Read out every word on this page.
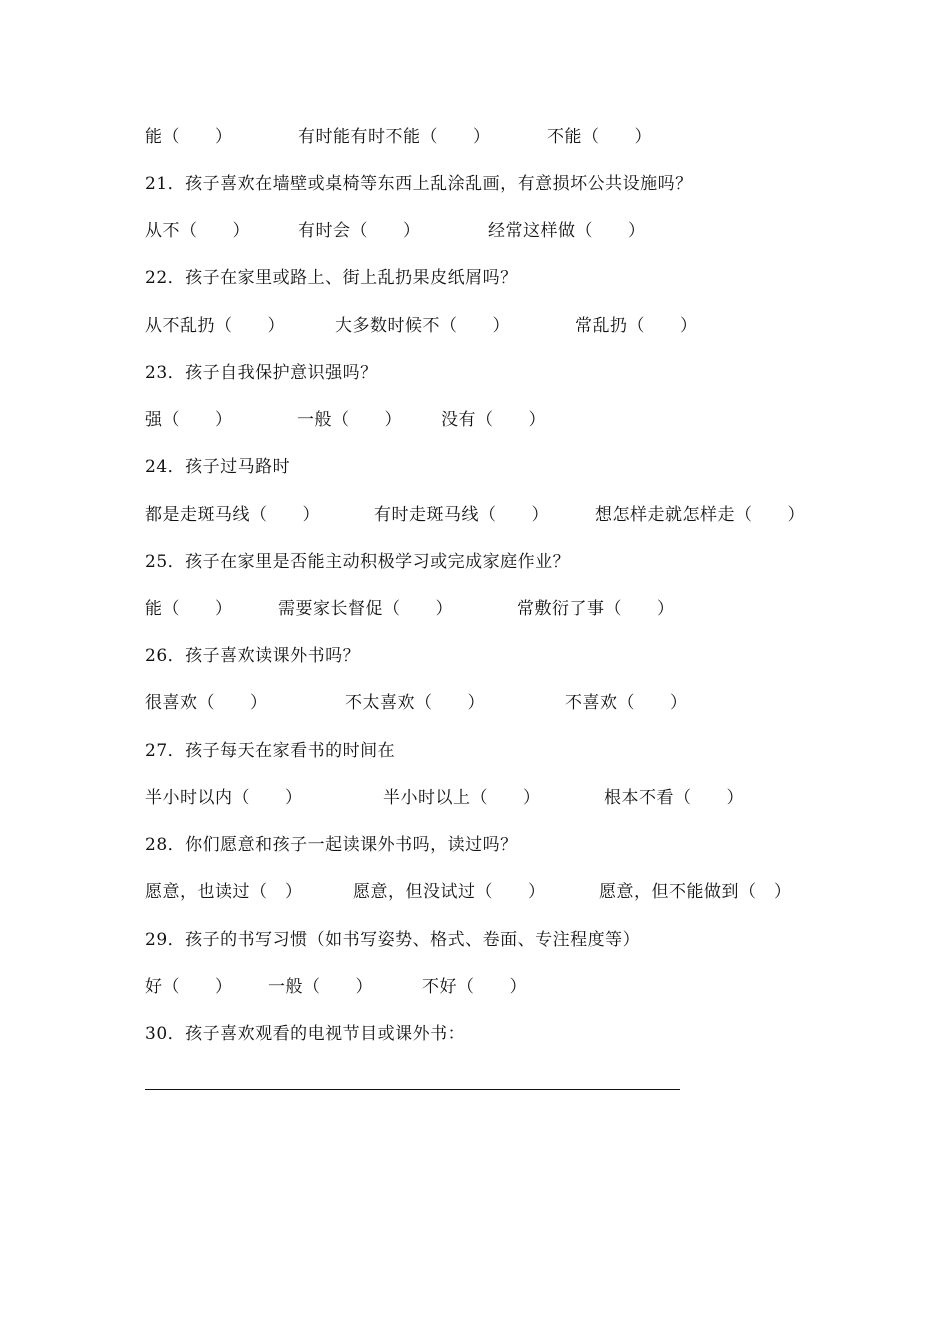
能（　　）

	有时能有时不能（　　）

	不能（　　）

21．孩子喜欢在墙壁或桌椅等东西上乱涂乱画，有意损坏公共设施吗？

从不（　　）

	有时会（　　）

	经常这样做（　　）

22．孩子在家里或路上、街上乱扔果皮纸屑吗？

从不乱扔（　　）

	大多数时候不（　　）

	常乱扔（　　）

23．孩子自我保护意识强吗？

强（　　）

	一般（　　）

没有（　　）

24．孩子过马路时

都是走斑马线（　　）

	有时走斑马线（　　）

	想怎样走就怎样走（　　）

25．孩子在家里是否能主动积极学习或完成家庭作业？

能（　　）

	需要家长督促（　　）

	常敷衍了事（　　）

26．孩子喜欢读课外书吗？

很喜欢（　　）

	不太喜欢（　　）

	不喜欢（　　）

27．孩子每天在家看书的时间在

半小时以内（　　）

	半小时以上（　　）

	根本不看（　　）

28．你们愿意和孩子一起读课外书吗，读过吗？

愿意，也读过（　）

	愿意，但没试过（　　）

	愿意，但不能做到（　）

29．孩子的书写习惯（如书写姿势、格式、卷面、专注程度等）

好（　　）

一般（　　）

	不好（　　）

30．孩子喜欢观看的电视节目或课外书：
